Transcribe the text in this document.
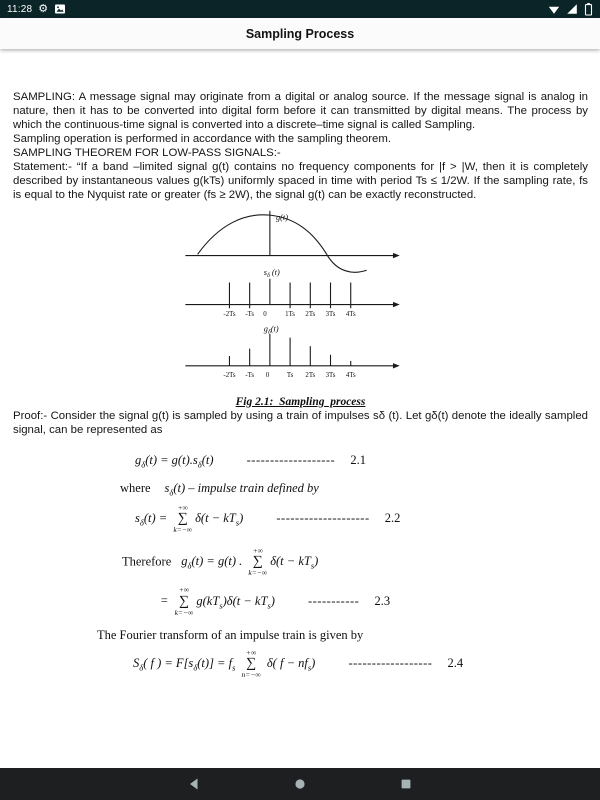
11:28 ⚙
Sampling Process

SAMPLING: A message signal may originate from a digital or analog source. If the message signal is analog in nature, then it has to be converted into digital form before it can transmitted by digital means. The process by which the continuous-time signal is converted into a discrete–time signal is called Sampling.

Sampling operation is performed in accordance with the sampling theorem.

SAMPLING THEOREM FOR LOW-PASS SIGNALS:-

Statement:- “If a band –limited signal g(t) contains no frequency components for |f > |W, then it is completely described by instantaneous values g(kTs) uniformly spaced in time with period Ts ≤ 1/2W. If the sampling rate, fs is equal to the Nyquist rate or greater (fs ≥ 2W), the signal g(t) can be exactly reconstructed.

g(t)
$s_\delta$ (t)
$g_\delta(t)$
-2Ts -Ts 0	1Ts 2Ts 3Ts 4Ts
-2Ts -Ts 0	Ts 2Ts 3Ts 4Ts
Fig 2.1:  Sampling  process

Proof:- Consider the signal g(t) is sampled by using a train of impulses sδ (t). Let gδ(t) denote the ideally sampled signal, can be represented as

$g_\delta(t) = g(t).s_\delta(t)$	------------------- 2.1
where $s_\delta(t)$ – impulse train defined by
$s_\delta(t)$ =
+∞
∑
k=−∞
$\delta(t - kT_s)$	-------------------- 2.2
Therefore $g_\delta(t) = g(t)$ .
+∞
∑
k=−∞
$\delta(t - kT_s)$
=
+∞
∑
k=−∞
$g(kT_s)\delta(t - kT_s)$	----------- 2.3
The Fourier transform of an impulse train is given by
$S_\delta$( f ) = $F[s_\delta(t)] = f_s$
+∞
∑
n=−∞
δ( $f - nf_s$)	------------------ 2.4
